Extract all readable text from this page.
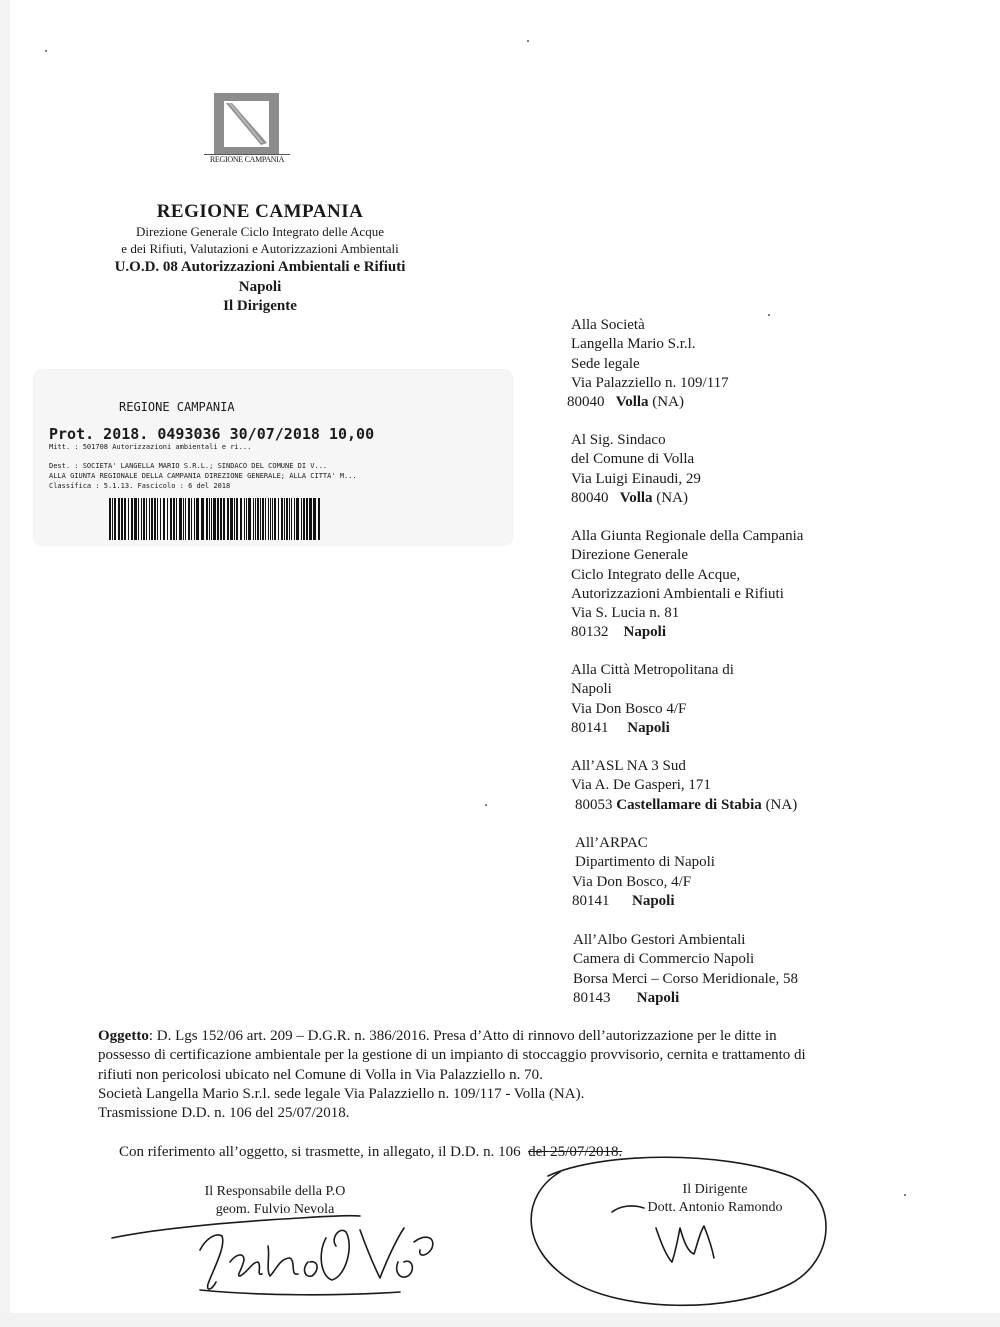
REGIONE CAMPANIA
REGIONE CAMPANIA
Direzione Generale Ciclo Integrato delle Acque
e dei Rifiuti, Valutazioni e Autorizzazioni Ambientali
U.O.D. 08 Autorizzazioni Ambientali e Rifiuti
Napoli
Il Dirigente
REGIONE CAMPANIA
Prot. 2018. 0493036 30/07/2018 10,00
Mitt. : 501708 Autorizzazioni ambientali e ri...
Dest. : SOCIETA' LANGELLA MARIO S.R.L.; SINDACO DEL COMUNE DI V...
ALLA GIUNTA REGIONALE DELLA CAMPANIA DIREZIONE GENERALE; ALLA CITTA' M...
Classifica : 5.1.13. Fascicolo : 6 del 2018
Alla Società
Langella Mario S.r.l.
Sede legale
Via Palazziello n. 109/117
80040 Volla (NA)
Al Sig. Sindaco
del Comune di Volla
Via Luigi Einaudi, 29
80040 Volla (NA)
Alla Giunta Regionale della Campania
Direzione Generale
Ciclo Integrato delle Acque,
Autorizzazioni Ambientali e Rifiuti
Via S. Lucia n. 81
80132 Napoli
Alla Città Metropolitana di
Napoli
Via Don Bosco 4/F
80141 Napoli
All’ASL NA 3 Sud
Via A. De Gasperi, 171
80053 Castellamare di Stabia (NA)
All’ARPAC
Dipartimento di Napoli
Via Don Bosco, 4/F
80141 Napoli
All’Albo Gestori Ambientali
Camera di Commercio Napoli
Borsa Merci – Corso Meridionale, 58
80143 Napoli
Oggetto: D. Lgs 152/06 art. 209 – D.G.R. n. 386/2016. Presa d’Atto di rinnovo dell’autorizzazione per le ditte in
possesso di certificazione ambientale per la gestione di un impianto di stoccaggio provvisorio, cernita e trattamento di
rifiuti non pericolosi ubicato nel Comune di Volla in Via Palazziello n. 70.
Società Langella Mario S.r.l. sede legale Via Palazziello n. 109/117 - Volla (NA).
Trasmissione D.D. n. 106 del 25/07/2018.
Con riferimento all’oggetto, si trasmette, in allegato, il D.D. n. 106 del 25/07/2018.
Il Responsabile della P.O
geom. Fulvio Nevola
Il Dirigente
Dott. Antonio Ramondo
